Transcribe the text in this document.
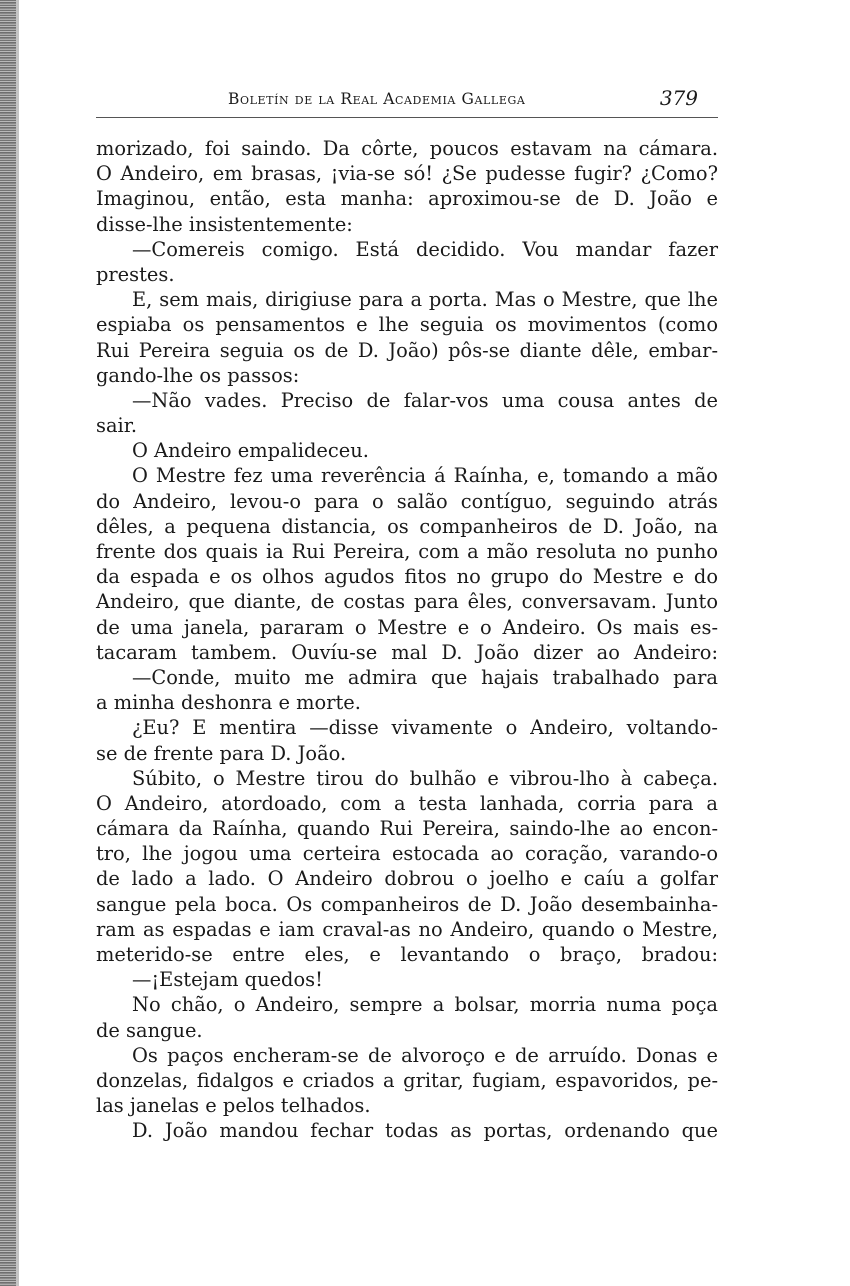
Boletín de la Real Academia Gallega	379
morizado, foi saindo. Da côrte, poucos estavam na cámara.
O Andeiro, em brasas, ¡via-se só! ¿Se pudesse fugir? ¿Como?
Imaginou, então, esta manha: aproximou-se de D. João e
disse-lhe insistentemente:
—Comereis comigo. Está decidido. Vou mandar fazer
prestes.
E, sem mais, dirigiuse para a porta. Mas o Mestre, que lhe
espiaba os pensamentos e lhe seguia os movimentos (como
Rui Pereira seguia os de D. João) pôs-se diante dêle, embar-
gando-lhe os passos:
—Não vades. Preciso de falar-vos uma cousa antes de
sair.
O Andeiro empalideceu.
O Mestre fez uma reverência á Raínha, e, tomando a mão
do Andeiro, levou-o para o salão contíguo, seguindo atrás
dêles, a pequena distancia, os companheiros de D. João, na
frente dos quais ia Rui Pereira, com a mão resoluta no punho
da espada e os olhos agudos fitos no grupo do Mestre e do
Andeiro, que diante, de costas para êles, conversavam. Junto
de uma janela, pararam o Mestre e o Andeiro. Os mais es-
tacaram tambem. Ouvíu-se mal D. João dizer ao Andeiro:
—Conde, muito me admira que hajais trabalhado para
a minha deshonra e morte.
¿Eu? E mentira —disse vivamente o Andeiro, voltando-
se de frente para D. João.
Súbito, o Mestre tirou do bulhão e vibrou-lho à cabeça.
O Andeiro, atordoado, com a testa lanhada, corria para a
cámara da Raínha, quando Rui Pereira, saindo-lhe ao encon-
tro, lhe jogou uma certeira estocada ao coração, varando-o
de lado a lado. O Andeiro dobrou o joelho e caíu a golfar
sangue pela boca. Os companheiros de D. João desembainha-
ram as espadas e iam craval-as no Andeiro, quando o Mestre,
meterido-se entre eles, e levantando o braço, bradou:
—¡Estejam quedos!
No chão, o Andeiro, sempre a bolsar, morria numa poça
de sangue.
Os paços encheram-se de alvoroço e de arruído. Donas e
donzelas, fidalgos e criados a gritar, fugiam, espavoridos, pe-
las janelas e pelos telhados.
D. João mandou fechar todas as portas, ordenando que
